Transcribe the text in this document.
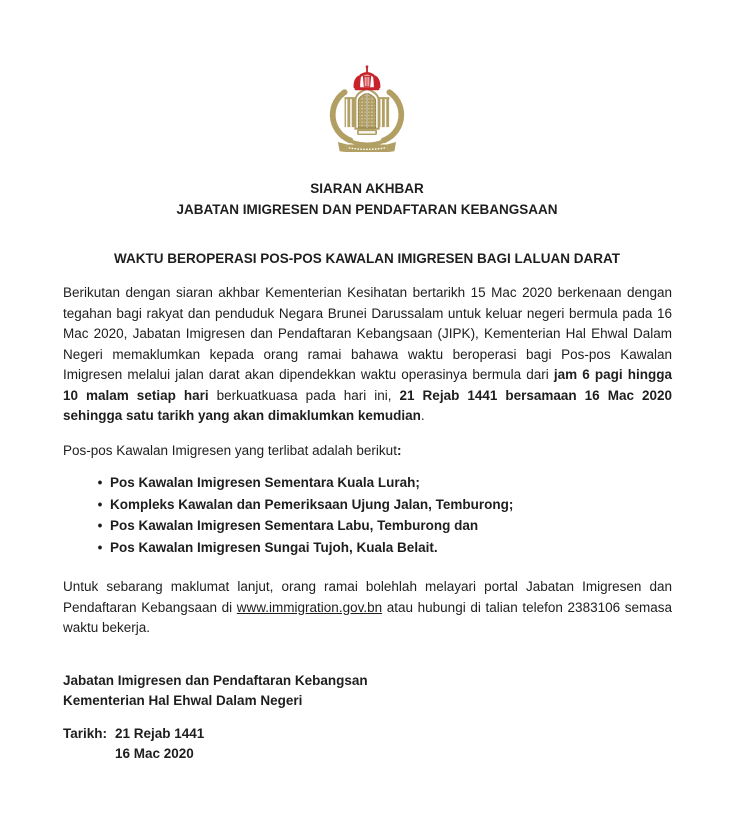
SIARAN AKHBAR
JABATAN IMIGRESEN DAN PENDAFTARAN KEBANGSAAN
WAKTU BEROPERASI POS-POS KAWALAN IMIGRESEN BAGI LALUAN DARAT

Berikutan dengan siaran akhbar Kementerian Kesihatan bertarikh 15 Mac 2020 berkenaan dengan tegahan bagi rakyat dan penduduk Negara Brunei Darussalam untuk keluar negeri bermula pada 16 Mac 2020, Jabatan Imigresen dan Pendaftaran Kebangsaan (JIPK), Kementerian Hal Ehwal Dalam Negeri memaklumkan kepada orang ramai bahawa waktu beroperasi bagi Pos-pos Kawalan Imigresen melalui jalan darat akan dipendekkan waktu operasinya bermula dari jam 6 pagi hingga 10 malam setiap hari berkuatkuasa pada hari ini, 21 Rejab 1441 bersamaan 16 Mac 2020 sehingga satu tarikh yang akan dimaklumkan kemudian.

Pos-pos Kawalan Imigresen yang terlibat adalah berikut:

• Pos Kawalan Imigresen Sementara Kuala Lurah;
• Kompleks Kawalan dan Pemeriksaan Ujung Jalan, Temburong;
• Pos Kawalan Imigresen Sementara Labu, Temburong dan
• Pos Kawalan Imigresen Sungai Tujoh, Kuala Belait.

Untuk sebarang maklumat lanjut, orang ramai bolehlah melayari portal Jabatan Imigresen dan Pendaftaran Kebangsaan di www.immigration.gov.bn atau hubungi di talian telefon 2383106 semasa waktu bekerja.

Jabatan Imigresen dan Pendaftaran Kebangsan
Kementerian Hal Ehwal Dalam Negeri
Tarikh: 21 Rejab 1441
16 Mac 2020
